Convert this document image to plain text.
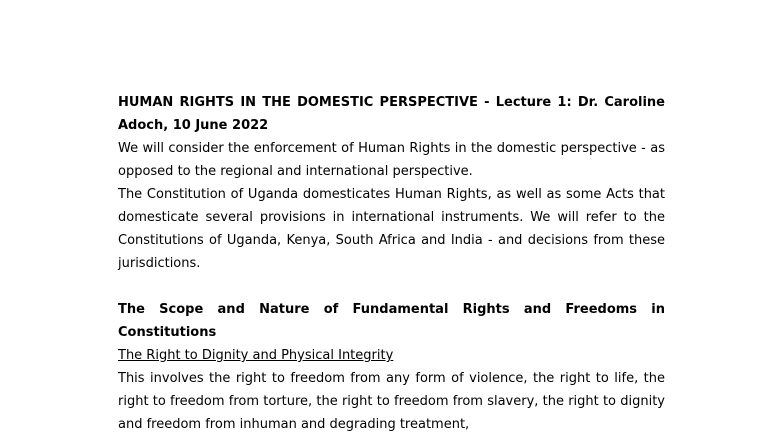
HUMAN RIGHTS IN THE DOMESTIC PERSPECTIVE - Lecture 1: Dr. Caroline Adoch, 10 June 2022

We will consider the enforcement of Human Rights in the domestic perspective - as opposed to the regional and international perspective.

The Constitution of Uganda domesticates Human Rights, as well as some Acts that domesticate several provisions in international instruments. We will refer to the Constitutions of Uganda, Kenya, South Africa and India - and decisions from these jurisdictions.

The Scope and Nature of Fundamental Rights and Freedoms in Constitutions

The Right to Dignity and Physical Integrity

This involves the right to freedom from any form of violence, the right to life, the right to freedom from torture, the right to freedom from slavery, the right to dignity and freedom from inhuman and degrading treatment,
